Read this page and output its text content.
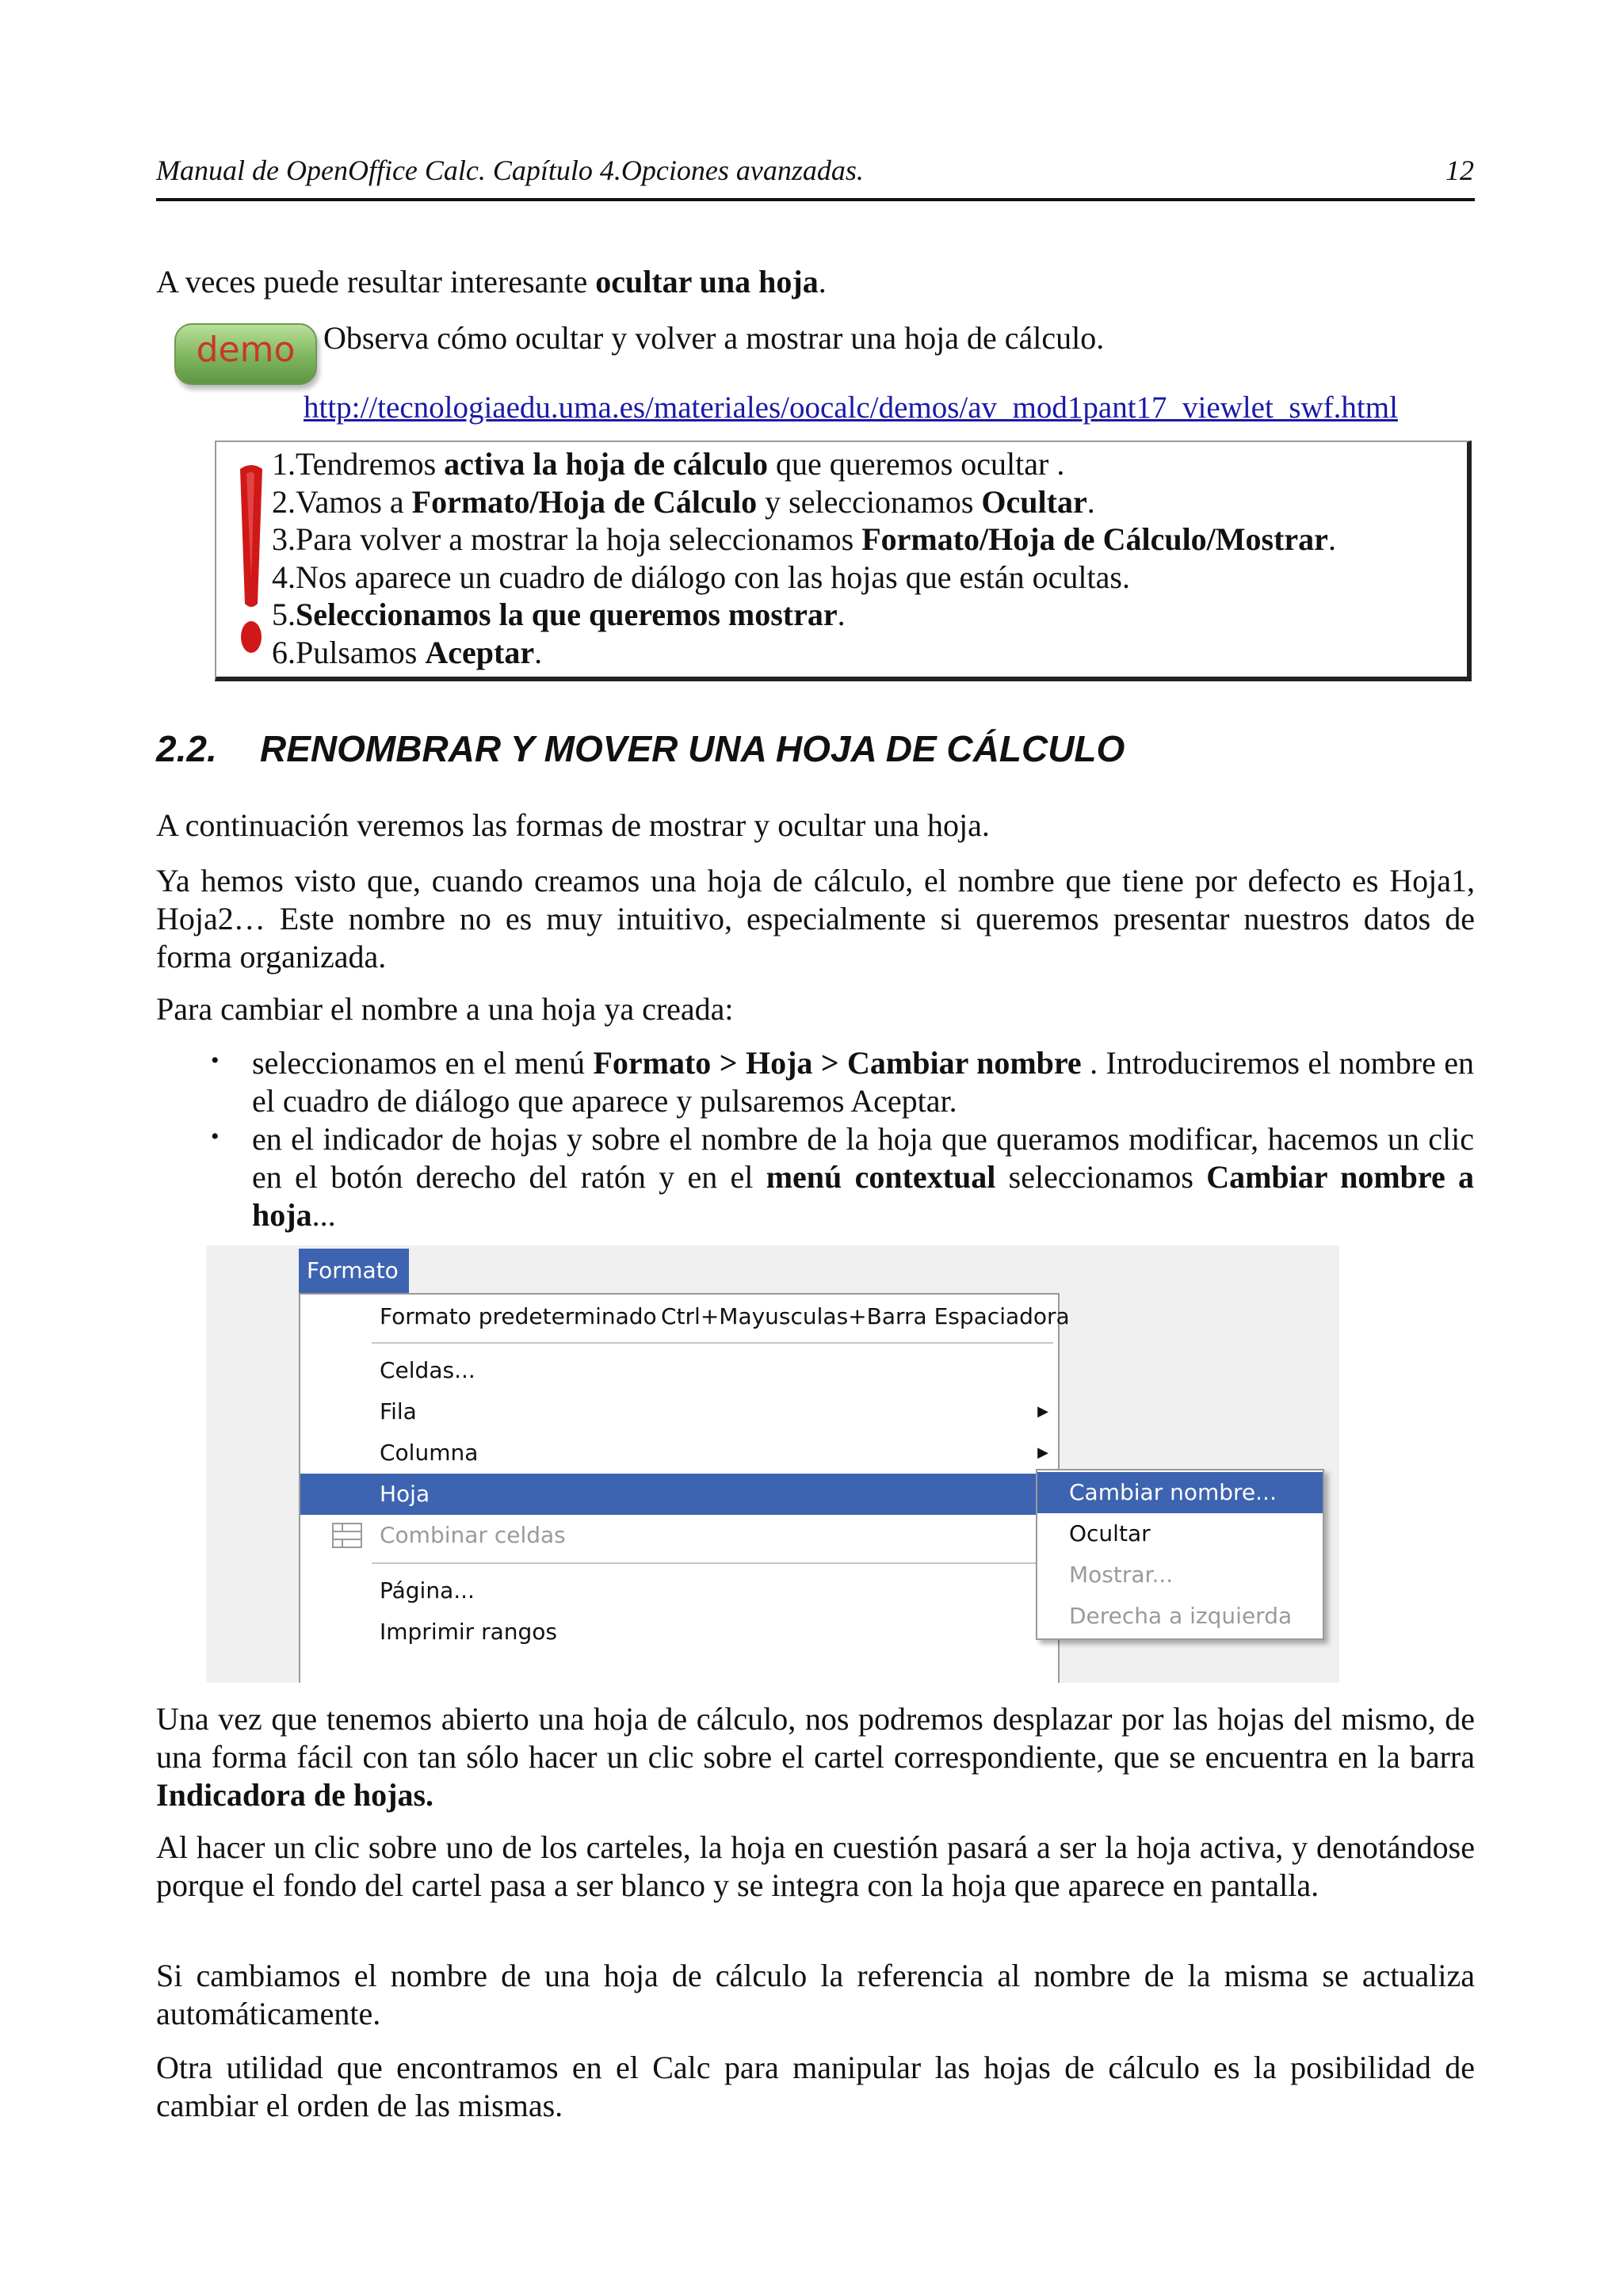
Manual de OpenOffice Calc. Capítulo 4.Opciones avanzadas.	12
A veces puede resultar interesante ocultar una hoja.
demo Observa cómo ocultar y volver a mostrar una hoja de cálculo.
http://tecnologiaedu.uma.es/materiales/oocalc/demos/av_mod1pant17_viewlet_swf.html
1.Tendremos activa la hoja de cálculo que queremos ocultar .
2.Vamos a Formato/Hoja de Cálculo y seleccionamos Ocultar.
3.Para volver a mostrar la hoja seleccionamos Formato/Hoja de Cálculo/Mostrar.
4.Nos aparece un cuadro de diálogo con las hojas que están ocultas.
5.Seleccionamos la que queremos mostrar.
6.Pulsamos Aceptar.
2.2. RENOMBRAR Y MOVER UNA HOJA DE CÁLCULO
A continuación veremos las formas de mostrar y ocultar una hoja.
Ya hemos visto que, cuando creamos una hoja de cálculo, el nombre que tiene por defecto es Hoja1, Hoja2… Este nombre no es muy intuitivo, especialmente si queremos presentar nuestros datos de forma organizada.
Para cambiar el nombre a una hoja ya creada:
• seleccionamos en el menú Formato > Hoja > Cambiar nombre . Introduciremos el nombre en el cuadro de diálogo que aparece y pulsaremos Aceptar.
• en el indicador de hojas y sobre el nombre de la hoja que queramos modificar, hacemos un clic en el botón derecho del ratón y en el menú contextual seleccionamos Cambiar nombre a hoja...
Formato
Formato predeterminado Ctrl+Mayusculas+Barra Espaciadora
Celdas...
Fila	▶
Columna	▶
Hoja
Combinar celdas
Página...
Imprimir rangos
Cambiar nombre...
Ocultar
Mostrar...
Derecha a izquierda
Una vez que tenemos abierto una hoja de cálculo, nos podremos desplazar por las hojas del mismo, de una forma fácil con tan sólo hacer un clic sobre el cartel correspondiente, que se encuentra en la barra Indicadora de hojas.
Al hacer un clic sobre uno de los carteles, la hoja en cuestión pasará a ser la hoja activa, y denotándose porque el fondo del cartel pasa a ser blanco y se integra con la hoja que aparece en pantalla.
Si cambiamos el nombre de una hoja de cálculo la referencia al nombre de la misma se actualiza automáticamente.
Otra utilidad que encontramos en el Calc para manipular las hojas de cálculo es la posibilidad de cambiar el orden de las mismas.
